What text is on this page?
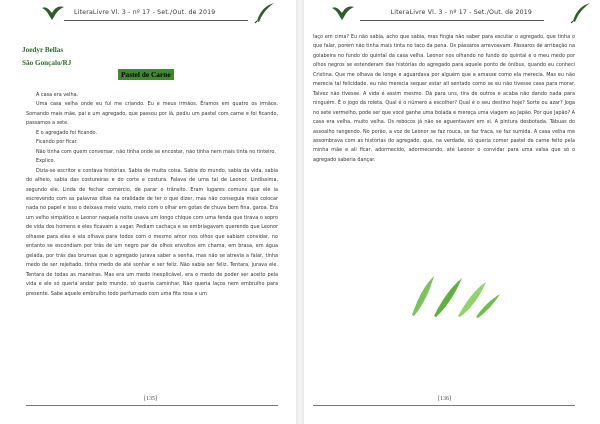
LiteraLivre Vl. 3 - nº 17 - Set./Out. de 2019
Joedyr Bellas
São Gonçalo/RJ
Pastel de Carne

A casa era velha.

Uma casa velha onde eu fui me criando. Eu e meus irmãos. Éramos em quatro os irmãos. Somando mais mãe, pai e um agregado, que passou por lá, pediu um pastel com carne e foi ficando, passamos a sete.

E o agregado foi ficando.

Ficando por ficar.

Não tinha com quem conversar, não tinha onde se encostar, não tinha nem mais tinta no tinteiro.

Explico.

Dizia-se escritor e contava histórias. Sabia de muita coisa. Sabia do mundo, sabia da vida, sabia do alheio, sabia das costureiras e do corte e costura. Falava de uma tal de Leonor. Lindíssima, segundo ele. Linda de fechar comércio, de parar o trânsito. Eram lugares comuns que ele ia escrevendo com as palavras ditas na oralidade de ter o que dizer, mas não conseguia mais colocar nada no papel e isso o deixava meio vazio, meio com o olhar em gotas de chuva bem fina, garoa. Era um velho simpático e Leonor naquela noite usava um longo chique com uma fenda que tirava o sopro de vida dos homens e eles ficavam a vagar. Pediam cachaça e se embriagavam querendo que Leonor olhasse para eles e ela olhava para todos com o mesmo amor nos olhos que sabiam convidar, no entanto se escondiam por trás de um negro par de olhos envoltos em chama, em brasa, em água gelada, por trás das brumas que o agregado jurava saber a senha, mas não se atrevia a falar, tinha medo de ser rejeitado, tinha medo de até sonhar e ser feliz. Não sabia ser feliz. Tentara, jurava ele. Tentara de todas as maneiras. Mas era um medo inexplicável, era o medo de poder ser aceito pela vida e ele só queria andar pelo mundo, só queria caminhar. Não queria laços nem embrulho para presente. Sabe aquele embrulho todo perfumado com uma fita rosa e um

[135]
LiteraLivre Vl. 3 - nº 17 - Set./Out. de 2019

laço em cima? Eu não sabia, acho que sabia, mas fingia não saber para escutar o agregado, que tinha o que falar, porém não tinha mais tinta no taco da pena. Os pássaros arrevoavam. Pássaros de arribação na goiabeira no fundo do quintal da casa velha. Leonor nos olhando no fundo do quintal e o meu medo por olhos negros se estenderam das histórias do agregado para aquele ponto de ônibus, quando eu conheci Cristina. Que me olhava de longe e aguardava por alguém que a amasse como ela merecia. Mas eu não merecia tal felicidade, eu não merecia sequer estar ali sentado como se eu não tivesse casa para morar. Talvez não tivesse. A vida é assim mesmo. Dá para uns, tira de outros e acaba não dando nada para ninguém. É o jogo da roleta. Qual é o número a escolher? Qual é o seu destino hoje? Sorte ou azar? Joga no sete vermelho, pode ser que você ganhe uma bolada e mereça uma viagem ao Japão. Por que Japão? A casa era velha, muito velha. Os rebocos já não se aguentavam em si. A pintura desbotada. Tábuas do assoalho rangendo. No porão, a voz de Leonor se faz rouca, se faz fraca, se faz sumida. A casa velha me assombrava com as histórias do agregado, que, na verdade, só queria comer pastel de carne feito pela minha mãe e ali ficar, adormecido, adormecendo, até Leonor o convidar para uma valsa que só o agregado saberia dançar.

[136]
